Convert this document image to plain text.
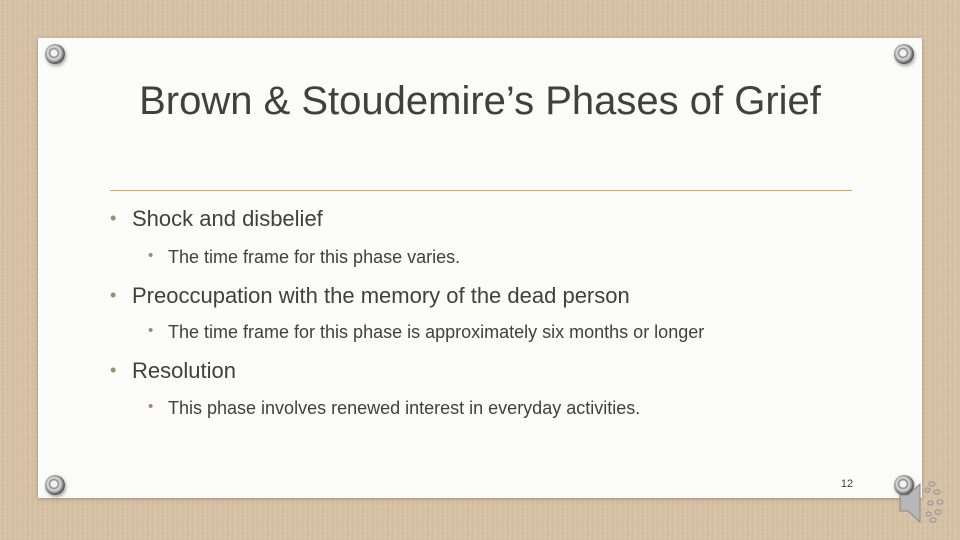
Brown & Stoudemire’s Phases of Grief
• Shock and disbelief
• The time frame for this phase varies.
• Preoccupation with the memory of the dead person
• The time frame for this phase is approximately six months or longer
• Resolution
• This phase involves renewed interest in everyday activities.
12
